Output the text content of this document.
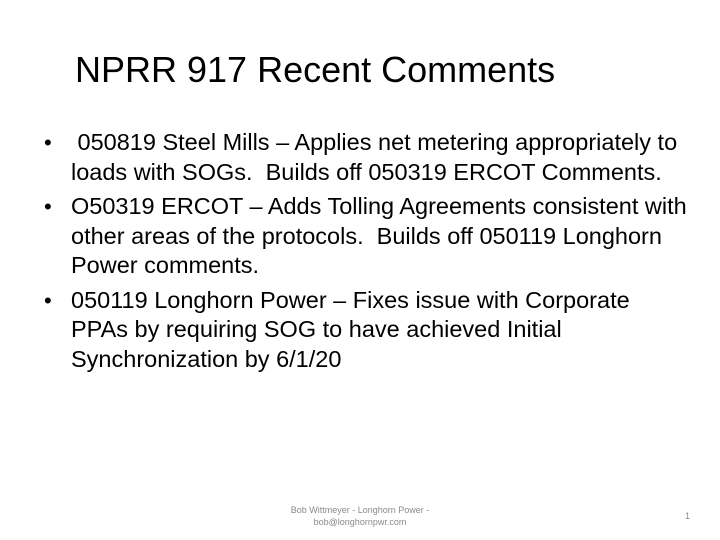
NPRR 917 Recent Comments
• 050819 Steel Mills – Applies net metering appropriately to loads with SOGs.  Builds off 050319 ERCOT Comments.
• O50319 ERCOT – Adds Tolling Agreements consistent with other areas of the protocols.  Builds off 050119 Longhorn Power comments.
• 050119 Longhorn Power – Fixes issue with Corporate PPAs by requiring SOG to have achieved Initial Synchronization by 6/1/20
Bob Wittmeyer - Longhorn Power -
bob@longhornpwr.com
1
